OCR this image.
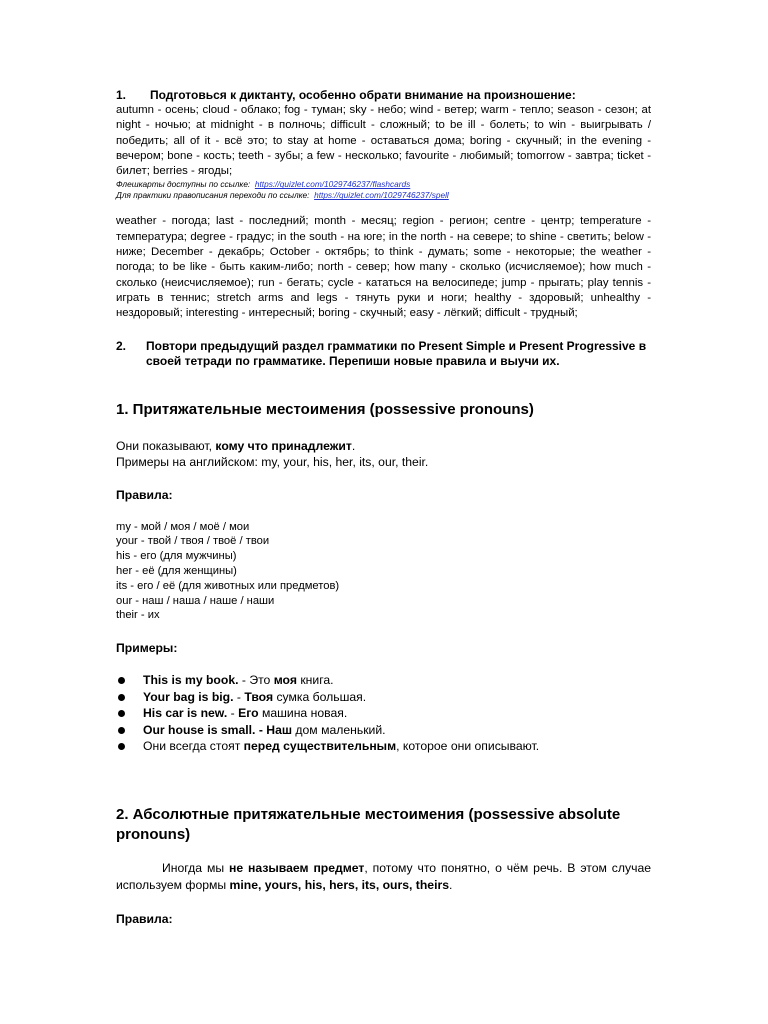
1.	Подготовься к диктанту, особенно обрати внимание на произношение:

autumn - осень; cloud - облако; fog - туман; sky - небо; wind - ветер; warm - тепло; season - сезон; at night - ночью; at midnight - в полночь; difficult - сложный; to be ill - болеть; to win - выигрывать / победить; all of it - всё это; to stay at home - оставаться дома; boring - скучный; in the evening - вечером; bone - кость; teeth - зубы; a few - несколько; favourite - любимый; tomorrow - завтра; ticket - билет; berries - ягоды;

Флешкарты доступны по ссылке: https://quizlet.com/1029746237/flashcards

Для практики правописания переходи по ссылке: https://quizlet.com/1029746237/spell

weather - погода; last - последний; month - месяц; region - регион; centre - центр; temperature - температура; degree - градус; in the south - на юге; in the north - на севере; to shine - светить; below - ниже; December - декабрь; October - октябрь; to think - думать; some - некоторые; the weather - погода; to be like - быть каким-либо; north - север; how many - сколько (исчисляемое); how much - сколько (неисчисляемое); run - бегать; cycle - кататься на велосипеде; jump - прыгать; play tennis - играть в теннис; stretch arms and legs - тянуть руки и ноги; healthy - здоровый; unhealthy - нездоровый; interesting - интересный; boring - скучный; easy - лёгкий; difficult - трудный;

2.	Повтори предыдущий раздел грамматики по Present Simple и Present Progressive в своей тетради по грамматике. Перепиши новые правила и выучи их.
1. Притяжательные местоимения (possessive pronouns)

Они показывают, кому что принадлежит.

Примеры на английском: my, your, his, her, its, our, their.

Правила:

my - мой / моя / моё / мои
your - твой / твоя / твоё / твои
his - его (для мужчины)
her - её (для женщины)
its - его / её (для животных или предметов)
our - наш / наша / наше / наши
their - их

Примеры:

This is my book. - Это моя книга.
Your bag is big. - Твоя сумка большая.
His car is new. - Его машина новая.
Our house is small. - Наш дом маленький.
Они всегда стоят перед существительным, которое они описывают.
2. Абсолютные притяжательные местоимения (possessive absolute pronouns)

Иногда мы не называем предмет, потому что понятно, о чём речь. В этом случае используем формы mine, yours, his, hers, its, ours, theirs.

Правила:
